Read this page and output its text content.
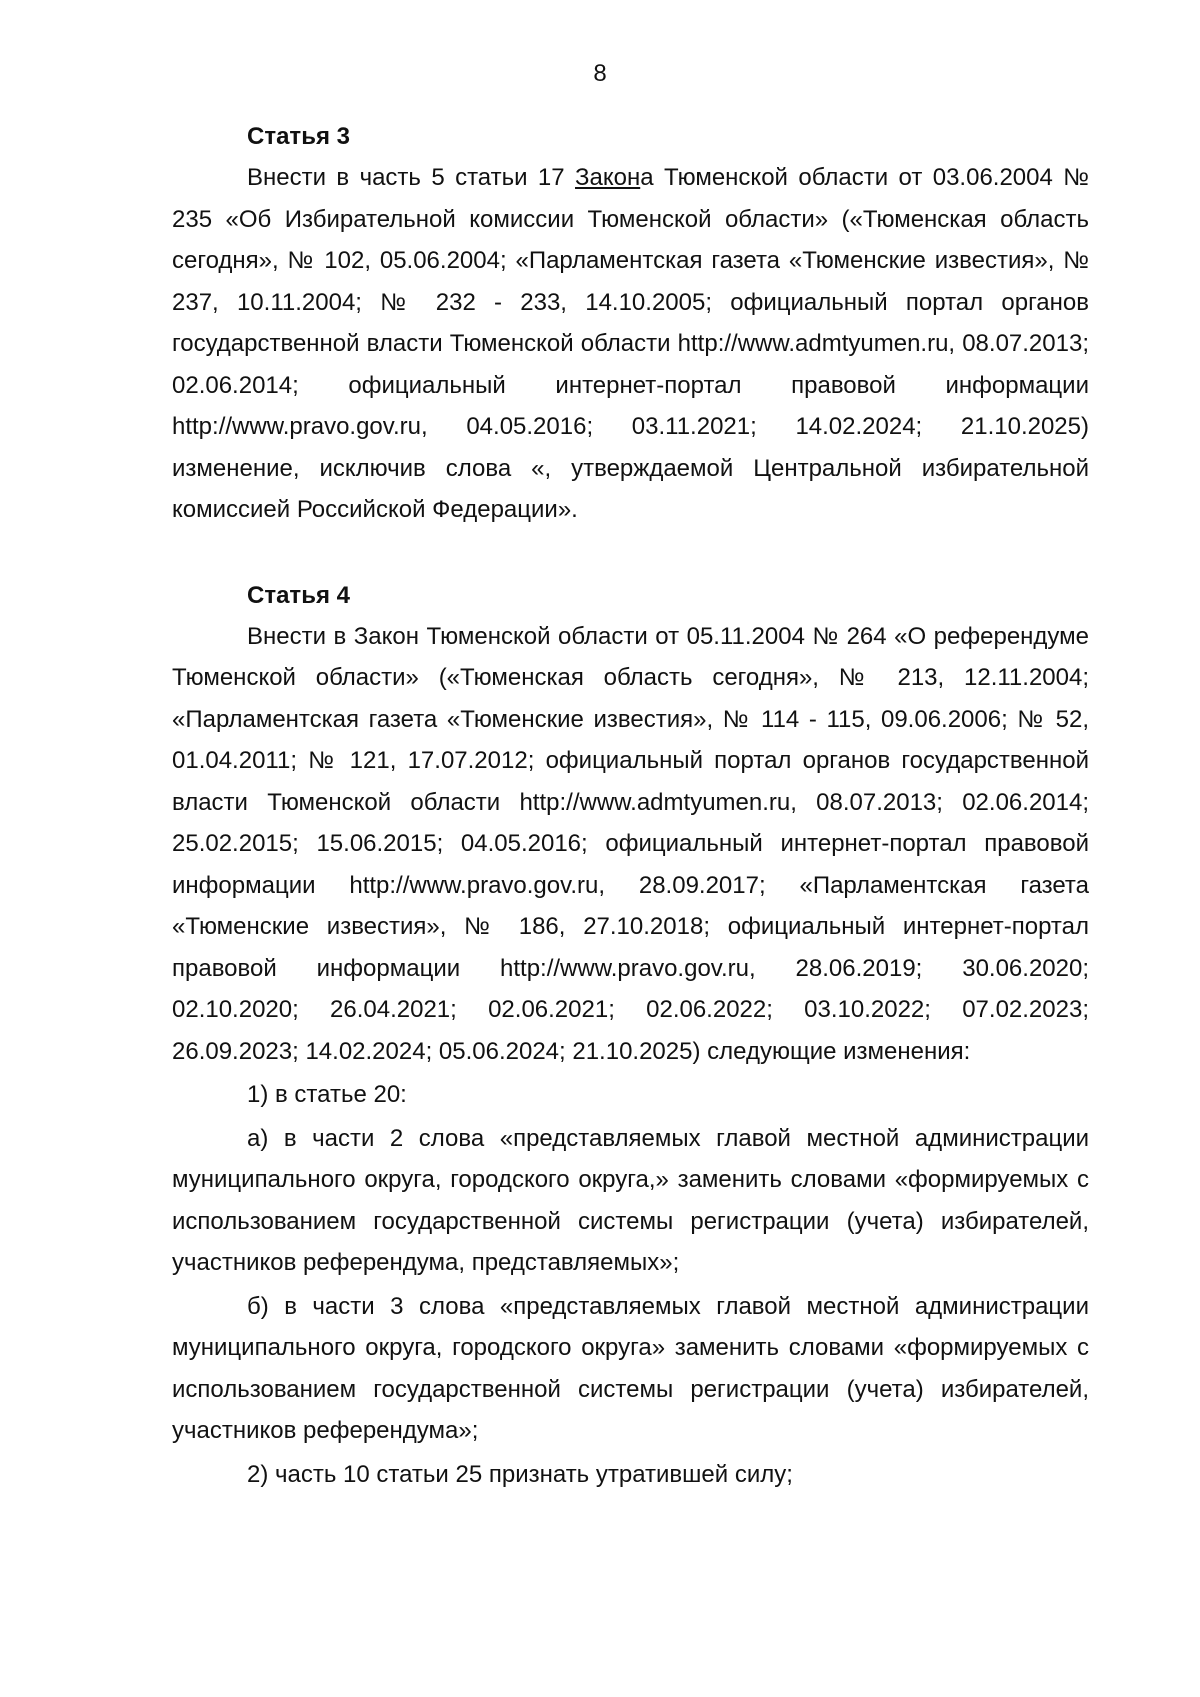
8

Статья 3

Внести в часть 5 статьи 17 Закона Тюменской области от 03.06.2004 № 235 «Об Избирательной комиссии Тюменской области» («Тюменская область сегодня», № 102, 05.06.2004; «Парламентская газета «Тюменские известия», № 237, 10.11.2004; № 232 - 233, 14.10.2005; официальный портал органов государственной власти Тюменской области http://www.admtyumen.ru, 08.07.2013; 02.06.2014; официальный интернет-портал правовой информации http://www.pravo.gov.ru, 04.05.2016; 03.11.2021; 14.02.2024; 21.10.2025) изменение, исключив слова «, утверждаемой Центральной избирательной комиссией Российской Федерации».

Статья 4

Внести в Закон Тюменской области от 05.11.2004 № 264 «О референдуме Тюменской области» («Тюменская область сегодня», № 213, 12.11.2004; «Парламентская газета «Тюменские известия», № 114 - 115, 09.06.2006; № 52, 01.04.2011; № 121, 17.07.2012; официальный портал органов государственной власти Тюменской области http://www.admtyumen.ru, 08.07.2013; 02.06.2014; 25.02.2015; 15.06.2015; 04.05.2016; официальный интернет-портал правовой информации http://www.pravo.gov.ru, 28.09.2017; «Парламентская газета «Тюменские известия», № 186, 27.10.2018; официальный интернет-портал правовой информации http://www.pravo.gov.ru, 28.06.2019; 30.06.2020; 02.10.2020; 26.04.2021; 02.06.2021; 02.06.2022; 03.10.2022; 07.02.2023; 26.09.2023; 14.02.2024; 05.06.2024; 21.10.2025) следующие изменения:

1) в статье 20:

а) в части 2 слова «представляемых главой местной администрации муниципального округа, городского округа,» заменить словами «формируемых с использованием государственной системы регистрации (учета) избирателей, участников референдума, представляемых»;

б) в части 3 слова «представляемых главой местной администрации муниципального округа, городского округа» заменить словами «формируемых с использованием государственной системы регистрации (учета) избирателей, участников референдума»;

2) часть 10 статьи 25 признать утратившей силу;
